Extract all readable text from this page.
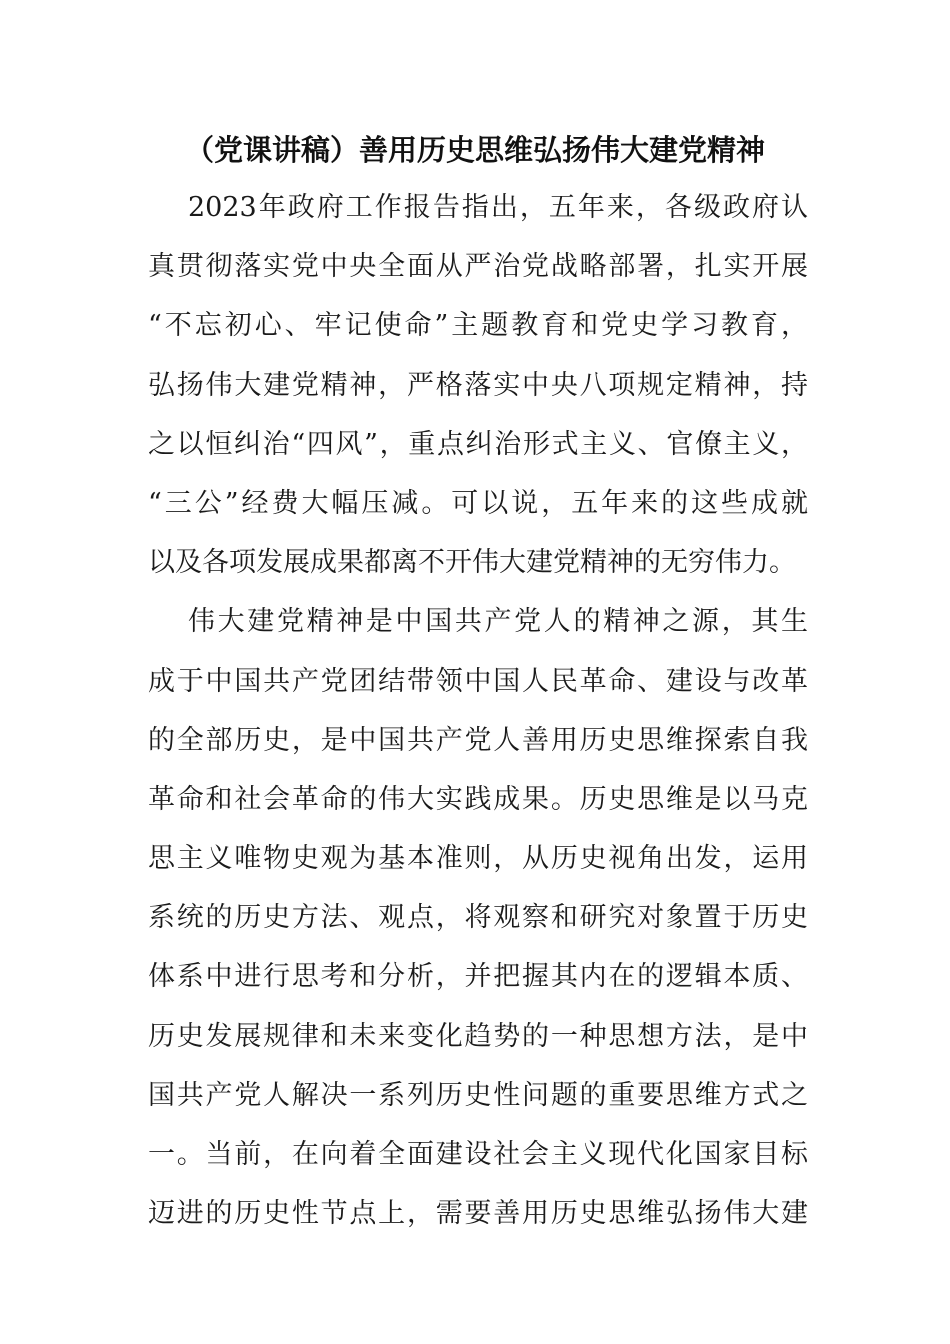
（党课讲稿）善用历史思维弘扬伟大建党精神
2023年政府工作报告指出，五年来，各级政府认
真贯彻落实党中央全面从严治党战略部署，扎实开展
“不忘初心、牢记使命”主题教育和党史学习教育，
弘扬伟大建党精神，严格落实中央八项规定精神，持
之以恒纠治“四风”，重点纠治形式主义、官僚主义，
“三公”经费大幅压减。可以说，五年来的这些成就
以及各项发展成果都离不开伟大建党精神的无穷伟力。
伟大建党精神是中国共产党人的精神之源，其生
成于中国共产党团结带领中国人民革命、建设与改革
的全部历史，是中国共产党人善用历史思维探索自我
革命和社会革命的伟大实践成果。历史思维是以马克
思主义唯物史观为基本准则，从历史视角出发，运用
系统的历史方法、观点，将观察和研究对象置于历史
体系中进行思考和分析，并把握其内在的逻辑本质、
历史发展规律和未来变化趋势的一种思想方法，是中
国共产党人解决一系列历史性问题的重要思维方式之
一。当前，在向着全面建设社会主义现代化国家目标
迈进的历史性节点上，需要善用历史思维弘扬伟大建
